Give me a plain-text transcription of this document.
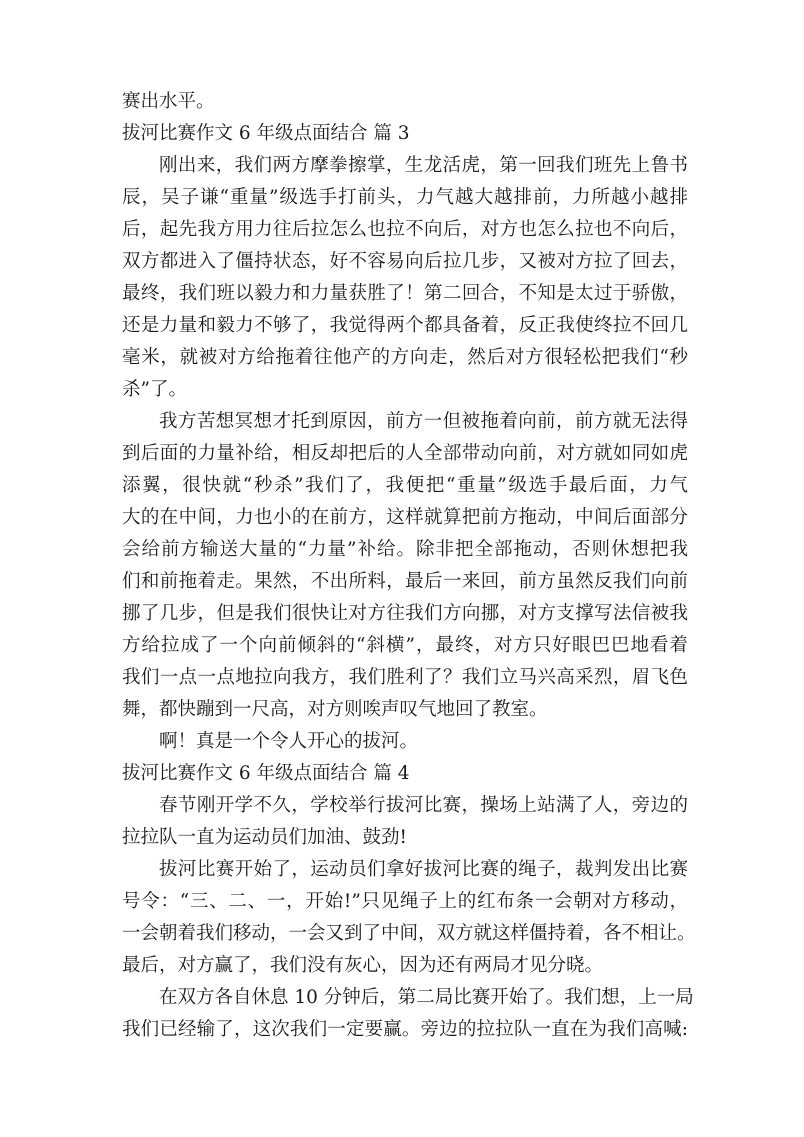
赛出水平。
拔河比赛作文 6 年级点面结合 篇 3
刚出来，我们两方摩拳擦掌，生龙活虎，第一回我们班先上鲁书
辰，吴子谦“重量”级选手打前头，力气越大越排前，力所越小越排
后，起先我方用力往后拉怎么也拉不向后，对方也怎么拉也不向后，
双方都进入了僵持状态，好不容易向后拉几步，又被对方拉了回去，
最终，我们班以毅力和力量获胜了！第二回合，不知是太过于骄傲，
还是力量和毅力不够了，我觉得两个都具备着，反正我使终拉不回几
毫米，就被对方给拖着往他产的方向走，然后对方很轻松把我们“秒
杀”了。
我方苦想冥想才托到原因，前方一但被拖着向前，前方就无法得
到后面的力量补给，相反却把后的人全部带动向前，对方就如同如虎
添翼，很快就“秒杀”我们了，我便把“重量”级选手最后面，力气
大的在中间，力也小的在前方，这样就算把前方拖动，中间后面部分
会给前方输送大量的“力量”补给。除非把全部拖动，否则休想把我
们和前拖着走。果然，不出所料，最后一来回，前方虽然反我们向前
挪了几步，但是我们很快让对方往我们方向挪，对方支撑写法信被我
方给拉成了一个向前倾斜的“斜横”，最终，对方只好眼巴巴地看着
我们一点一点地拉向我方，我们胜利了？我们立马兴高采烈，眉飞色
舞，都快蹦到一尺高，对方则唉声叹气地回了教室。
啊！真是一个令人开心的拔河。
拔河比赛作文 6 年级点面结合 篇 4
春节刚开学不久，学校举行拔河比赛，操场上站满了人，旁边的
拉拉队一直为运动员们加油、鼓劲!
拔河比赛开始了，运动员们拿好拔河比赛的绳子，裁判发出比赛
号令：“三、二、一，开始!”只见绳子上的红布条一会朝对方移动，
一会朝着我们移动，一会又到了中间，双方就这样僵持着，各不相让。
最后，对方赢了，我们没有灰心，因为还有两局才见分晓。
在双方各自休息 10 分钟后，第二局比赛开始了。我们想，上一局
我们已经输了，这次我们一定要赢。旁边的拉拉队一直在为我们高喊:
